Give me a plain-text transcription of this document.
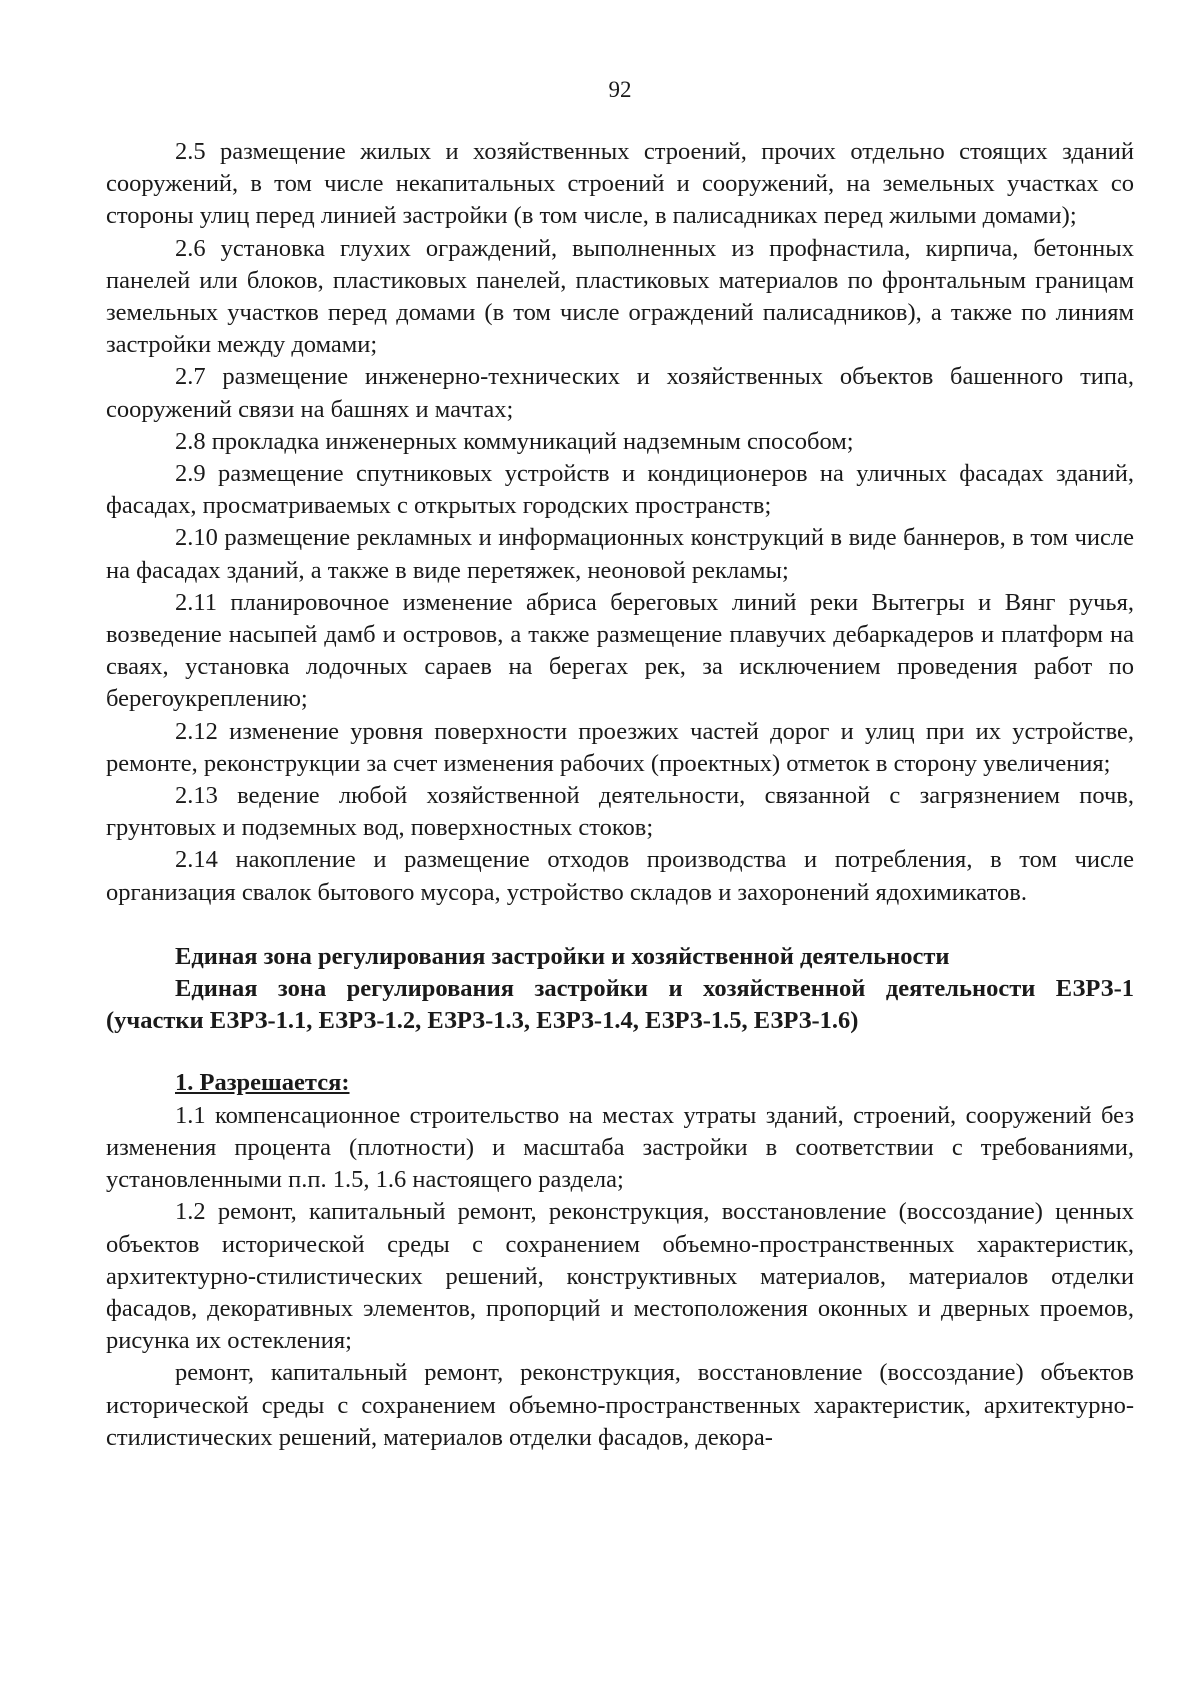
92

2.5 размещение жилых и хозяйственных строений, прочих отдельно стоящих зданий сооружений, в том числе некапитальных строений и сооружений, на земельных участках со стороны улиц перед линией застройки (в том числе, в палисадниках перед жилыми домами);

2.6 установка глухих ограждений, выполненных из профнастила, кирпича, бетонных панелей или блоков, пластиковых панелей, пластиковых материалов по фронтальным границам земельных участков перед домами (в том числе ограждений палисадников), а также по линиям застройки между домами;

2.7 размещение инженерно-технических и хозяйственных объектов башенного типа, сооружений связи на башнях и мачтах;

2.8 прокладка инженерных коммуникаций надземным способом;

2.9 размещение спутниковых устройств и кондиционеров на уличных фасадах зданий, фасадах, просматриваемых с открытых городских пространств;

2.10 размещение рекламных и информационных конструкций в виде баннеров, в том числе на фасадах зданий, а также в виде перетяжек, неоновой рекламы;

2.11 планировочное изменение абриса береговых линий реки Вытегры и Вянг ручья, возведение насыпей дамб и островов, а также размещение плавучих дебаркадеров и платформ на сваях, установка лодочных сараев на берегах рек, за исключением проведения работ по берегоукреплению;

2.12 изменение уровня поверхности проезжих частей дорог и улиц при их устройстве, ремонте, реконструкции за счет изменения рабочих (проектных) отметок в сторону увеличения;

2.13 ведение любой хозяйственной деятельности, связанной с загрязнением почв, грунтовых и подземных вод, поверхностных стоков;

2.14 накопление и размещение отходов производства и потребления, в том числе организация свалок бытового мусора, устройство складов и захоронений ядохимикатов.

Единая зона регулирования застройки и хозяйственной деятельности

Единая зона регулирования застройки и хозяйственной деятельности ЕЗРЗ-1 (участки ЕЗРЗ-1.1, ЕЗРЗ-1.2, ЕЗРЗ-1.3, ЕЗРЗ-1.4, ЕЗРЗ-1.5, ЕЗРЗ-1.6)

1. Разрешается:

1.1 компенсационное строительство на местах утраты зданий, строений, сооружений без изменения процента (плотности) и масштаба застройки в соответствии с требованиями, установленными п.п. 1.5, 1.6 настоящего раздела;

1.2 ремонт, капитальный ремонт, реконструкция, восстановление (воссоздание) ценных объектов исторической среды с сохранением объемно-пространственных характеристик, архитектурно-стилистических решений, конструктивных материалов, материалов отделки фасадов, декоративных элементов, пропорций и местоположения оконных и дверных проемов, рисунка их остекления;

ремонт, капитальный ремонт, реконструкция, восстановление (воссоздание) объектов исторической среды с сохранением объемно-пространственных характеристик, архитектурно-стилистических решений, материалов отделки фасадов, декора-
